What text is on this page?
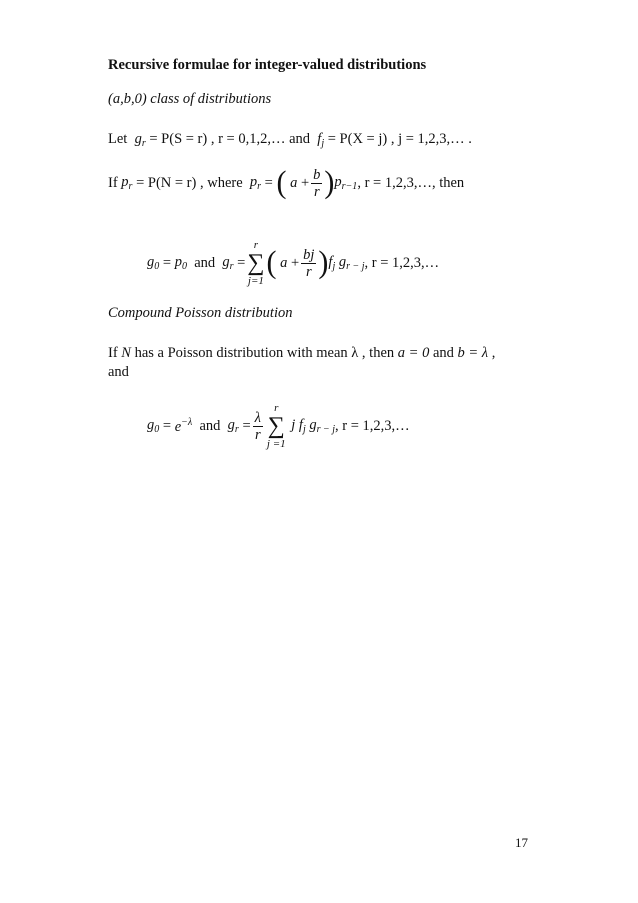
Recursive formulae for integer-valued distributions
(a,b,0) class of distributions
Let $g_r = P(S = r)$ , r = 0,1,2,… and $f_j = P(X = j)$ , j = 1,2,3,… .
If
$p_r = P(N = r)$ ,
where
$p_r$ = ( $a + \frac{b}{r}$ ) $p_{r-1}$ , r = 1,2,3,…, then
$g_0 = p_0$
and
$g_r$ =
r
∑
j=1
( $a + \frac{bj}{r}$ ) $f_j$ $g_{r - j}$ , r = 1,2,3,…
Compound Poisson distribution
If N has a Poisson distribution with mean λ , then a = 0 and b = λ ,
and
$g_0 = e^{-\lambda}$
and
$g_r = \frac{\lambda}{r}$
r
∑
j =1
j $f_j$ $g_{r - j}$ , r = 1,2,3,…
17
